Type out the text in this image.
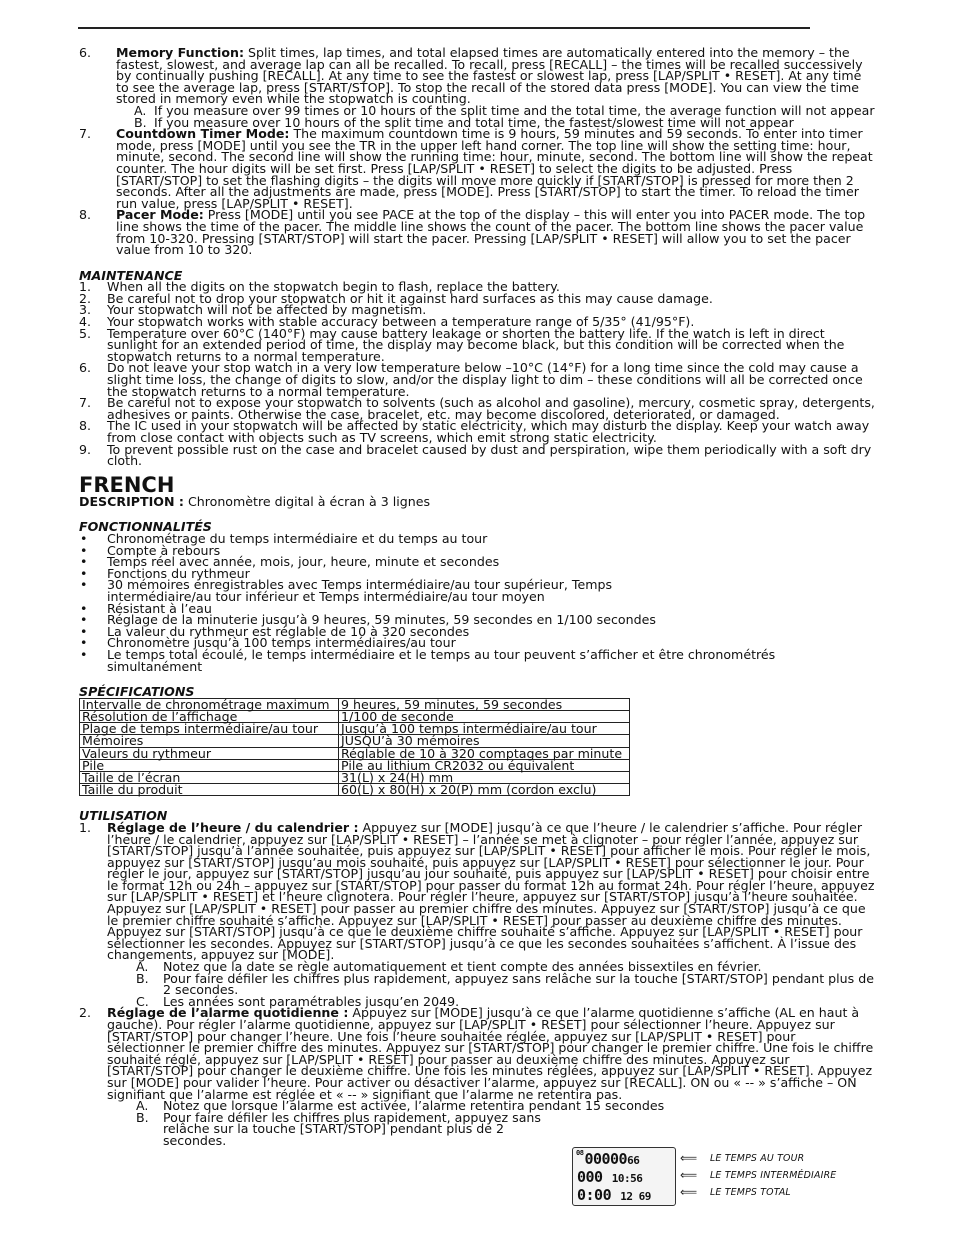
6. Memory Function: Split times, lap times, and total elapsed times are automatically entered into the memory – the fastest, slowest, and average lap can all be recalled. To recall, press [RECALL] – the times will be recalled successively by continually pushing [RECALL]. At any time to see the fastest or slowest lap, press [LAP/SPLIT • RESET]. At any time to see the average lap, press [START/STOP]. To stop the recall of the stored data press [MODE]. You can view the time stored in memory even while the stopwatch is counting.

A. If you measure over 99 times or 10 hours of the split time and the total time, the average function will not appear

B. If you measure over 10 hours of the split time and total time, the fastest/slowest time will not appear

7. Countdown Timer Mode: The maximum countdown time is 9 hours, 59 minutes and 59 seconds. To enter into timer mode, press [MODE] until you see the TR in the upper left hand corner. The top line will show the setting time: hour, minute, second. The second line will show the running time: hour, minute, second. The bottom line will show the repeat counter. The hour digits will be set first. Press [LAP/SPLIT • RESET] to select the digits to be adjusted. Press [START/STOP] to set the flashing digits – the digits will move more quickly if [START/STOP] is pressed for more then 2 seconds. After all the adjustments are made, press [MODE]. Press [START/STOP] to start the timer. To reload the timer run value, press [LAP/SPLIT • RESET].

8. Pacer Mode: Press [MODE] until you see PACE at the top of the display – this will enter you into PACER mode. The top line shows the time of the pacer. The middle line shows the count of the pacer. The bottom line shows the pacer value from 10-320. Pressing [START/STOP] will start the pacer. Pressing [LAP/SPLIT • RESET] will allow you to set the pacer value from 10 to 320.

MAINTENANCE

1. When all the digits on the stopwatch begin to flash, replace the battery.

2. Be careful not to drop your stopwatch or hit it against hard surfaces as this may cause damage.

3. Your stopwatch will not be affected by magnetism.

4. Your stopwatch works with stable accuracy between a temperature range of 5/35° (41/95°F).

5. Temperature over 60°C (140°F) may cause battery leakage or shorten the battery life. If the watch is left in direct sunlight for an extended period of time, the display may become black, but this condition will be corrected when the stopwatch returns to a normal temperature.

6. Do not leave your stop watch in a very low temperature below –10°C (14°F) for a long time since the cold may cause a slight time loss, the change of digits to slow, and/or the display light to dim – these conditions will all be corrected once the stopwatch returns to a normal temperature.

7. Be careful not to expose your stopwatch to solvents (such as alcohol and gasoline), mercury, cosmetic spray, detergents, adhesives or paints. Otherwise the case, bracelet, etc. may become discolored, deteriorated, or damaged.

8. The IC used in your stopwatch will be affected by static electricity, which may disturb the display. Keep your watch away from close contact with objects such as TV screens, which emit strong static electricity.

9. To prevent possible rust on the case and bracelet caused by dust and perspiration, wipe them periodically with a soft dry cloth.

FRENCH

DESCRIPTION : Chronomètre digital à écran à 3 lignes

FONCTIONNALITÉS

• Chronométrage du temps intermédiaire et du temps au tour

• Compte à rebours

• Temps réel avec année, mois, jour, heure, minute et secondes

• Fonctions du rythmeur

• 30 mémoires enregistrables avec Temps intermédiaire/au tour supérieur, Temps intermédiaire/au tour inférieur et Temps intermédiaire/au tour moyen

• Résistant à l’eau

• Réglage de la minuterie jusqu’à 9 heures, 59 minutes, 59 secondes en 1/100 secondes

• La valeur du rythmeur est réglable de 10 à 320 secondes

• Chronomètre jusqu’à 100 temps intermédiaires/au tour

• Le temps total écoulé, le temps intermédiaire et le temps au tour peuvent s’afficher et être chronométrés simultanément

SPÉCIFICATIONS

Intervalle de chronométrage maximum	9 heures, 59 minutes, 59 secondes
Résolution de l’affichage	1/100 de seconde
Plage de temps intermédiaire/au tour	Jusqu’à 100 temps intermédiaire/au tour
Mémoires	JUSQU’à 30 mémoires
Valeurs du rythmeur	Réglable de 10 à 320 comptages par minute
Pile	Pile au lithium CR2032 ou équivalent
Taille de l’écran	31(L) x 24(H) mm
Taille du produit	60(L) x 80(H) x 20(P) mm (cordon exclu)

UTILISATION

1. Réglage de l’heure / du calendrier : Appuyez sur [MODE] jusqu’à ce que l’heure / le calendrier s’affiche. Pour régler l’heure / le calendrier, appuyez sur [LAP/SPLIT • RESET] – l’année se met à clignoter – pour régler l’année, appuyez sur [START/STOP] jusqu’à l’année souhaitée, puis appuyez sur [LAP/SPLIT • RESET] pour afficher le mois. Pour régler le mois, appuyez sur [START/STOP] jusqu’au mois souhaité, puis appuyez sur [LAP/SPLIT • RESET] pour sélectionner le jour. Pour régler le jour, appuyez sur [START/STOP] jusqu’au jour souhaité, puis appuyez sur [LAP/SPLIT • RESET] pour choisir entre le format 12h ou 24h – appuyez sur [START/STOP] pour passer du format 12h au format 24h. Pour régler l’heure, appuyez sur [LAP/SPLIT • RESET] et l’heure clignotera. Pour régler l’heure, appuyez sur [START/STOP] jusqu’à l’heure souhaitée. Appuyez sur [LAP/SPLIT • RESET] pour passer au premier chiffre des minutes. Appuyez sur [START/STOP] jusqu’à ce que le premier chiffre souhaité s’affiche. Appuyez sur [LAP/SPLIT • RESET] pour passer au deuxième chiffre des minutes. Appuyez sur [START/STOP] jusqu’à ce que le deuxième chiffre souhaité s’affiche. Appuyez sur [LAP/SPLIT • RESET] pour sélectionner les secondes. Appuyez sur [START/STOP] jusqu’à ce que les secondes souhaitées s’affichent. À l’issue des changements, appuyez sur [MODE].

A. Notez que la date se règle automatiquement et tient compte des années bissextiles en février.

B. Pour faire défiler les chiffres plus rapidement, appuyez sans relâche sur la touche [START/STOP] pendant plus de 2 secondes.

C. Les années sont paramétrables jusqu’en 2049.

2. Réglage de l’alarme quotidienne : Appuyez sur [MODE] jusqu’à ce que l’alarme quotidienne s’affiche (AL en haut à gauche). Pour régler l’alarme quotidienne, appuyez sur [LAP/SPLIT • RESET] pour sélectionner l’heure. Appuyez sur [START/STOP] pour changer l’heure. Une fois l’heure souhaitée réglée, appuyez sur [LAP/SPLIT • RESET] pour sélectionner le premier chiffre des minutes. Appuyez sur [START/STOP] pour changer le premier chiffre. Une fois le chiffre souhaité réglé, appuyez sur [LAP/SPLIT • RESET] pour passer au deuxième chiffre des minutes. Appuyez sur [START/STOP] pour changer le deuxième chiffre. Une fois les minutes réglées, appuyez sur [LAP/SPLIT • RESET]. Appuyez sur [MODE] pour valider l’heure. Pour activer ou désactiver l’alarme, appuyez sur [RECALL]. ON ou « -- » s’affiche – ON signifiant que l’alarme est réglée et « -- » signifiant que l’alarme ne retentira pas.

A. Notez que lorsque l’alarme est activée, l’alarme retentira pendant 15 secondes

B. Pour faire défiler les chiffres plus rapidement, appuyez sans relâche sur la touche [START/STOP] pendant plus de 2 secondes.

$^{08}$0000066
000 10:56
0:00 12 69
⟸ LE TEMPS AU TOUR
⟸ LE TEMPS INTERMÉDIAIRE
⟸ LE TEMPS TOTAL
